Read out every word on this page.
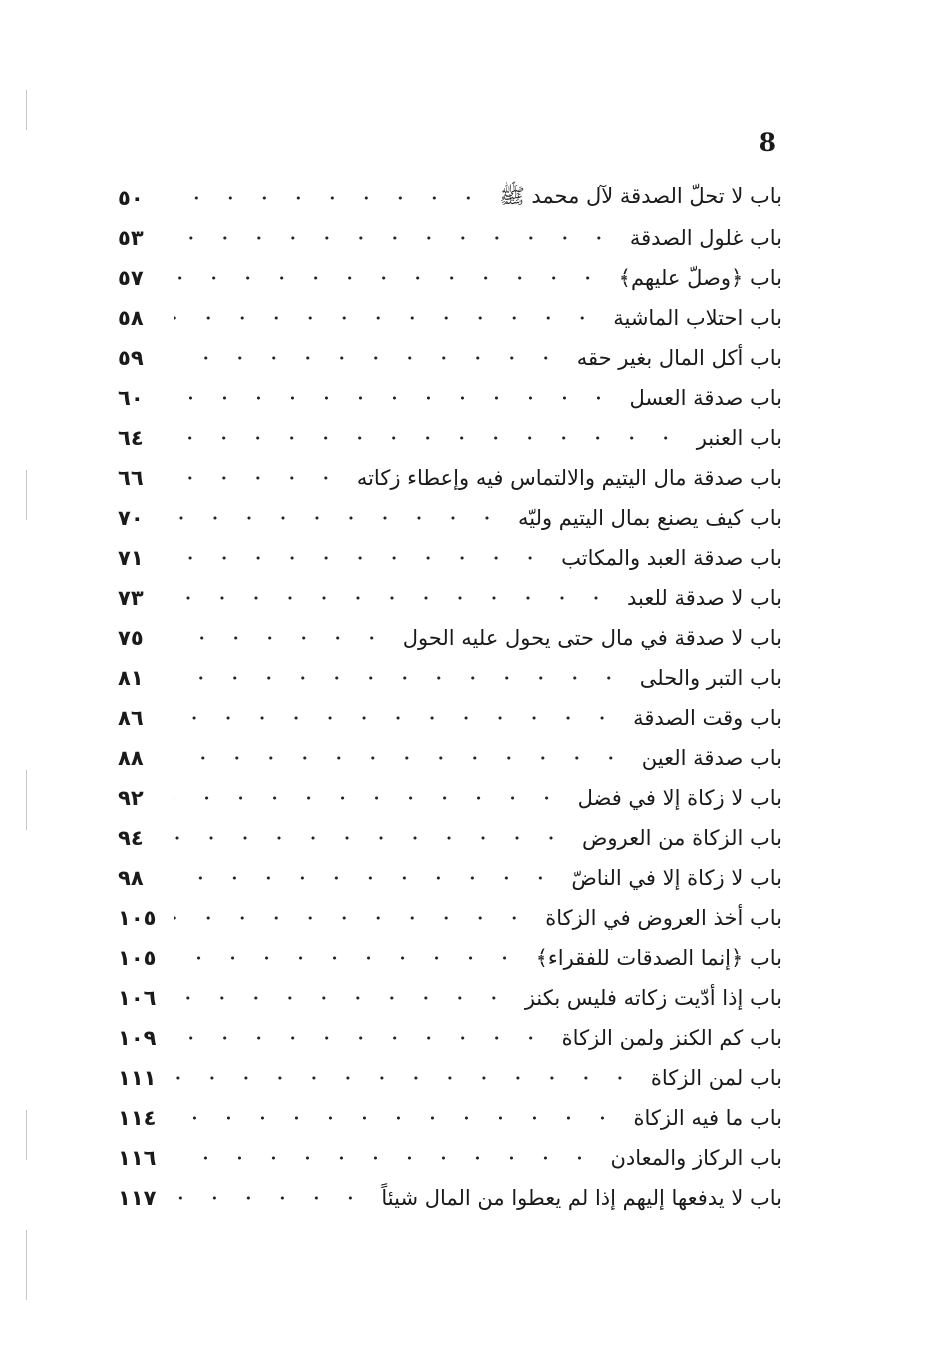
8
باب لا تحلّ الصدقة لآل محمد ﷺ
٥٠
باب غلول الصدقة
٥٣
باب ﴿وصلّ عليهم﴾
٥٧
باب احتلاب الماشية
٥٨
باب أكل المال بغير حقه
٥٩
باب صدقة العسل
٦٠
باب العنبر
٦٤
باب صدقة مال اليتيم والالتماس فيه وإعطاء زكاته
٦٦
باب كيف يصنع بمال اليتيم وليّه
٧٠
باب صدقة العبد والمكاتب
٧١
باب لا صدقة للعبد
٧٣
باب لا صدقة في مال حتى يحول عليه الحول
٧٥
باب التبر والحلى
٨١
باب وقت الصدقة
٨٦
باب صدقة العين
٨٨
باب لا زكاة إلا في فضل
٩٢
باب الزكاة من العروض
٩٤
باب لا زكاة إلا في الناضّ
٩٨
باب أخذ العروض في الزكاة
١٠٥
باب ﴿إنما الصدقات للفقراء﴾
١٠٥
باب إذا أدّيت زكاته فليس بكنز
١٠٦
باب كم الكنز ولمن الزكاة
١٠٩
باب لمن الزكاة
١١١
باب ما فيه الزكاة
١١٤
باب الركاز والمعادن
١١٦
باب لا يدفعها إليهم إذا لم يعطوا من المال شيئاً
١١٧
